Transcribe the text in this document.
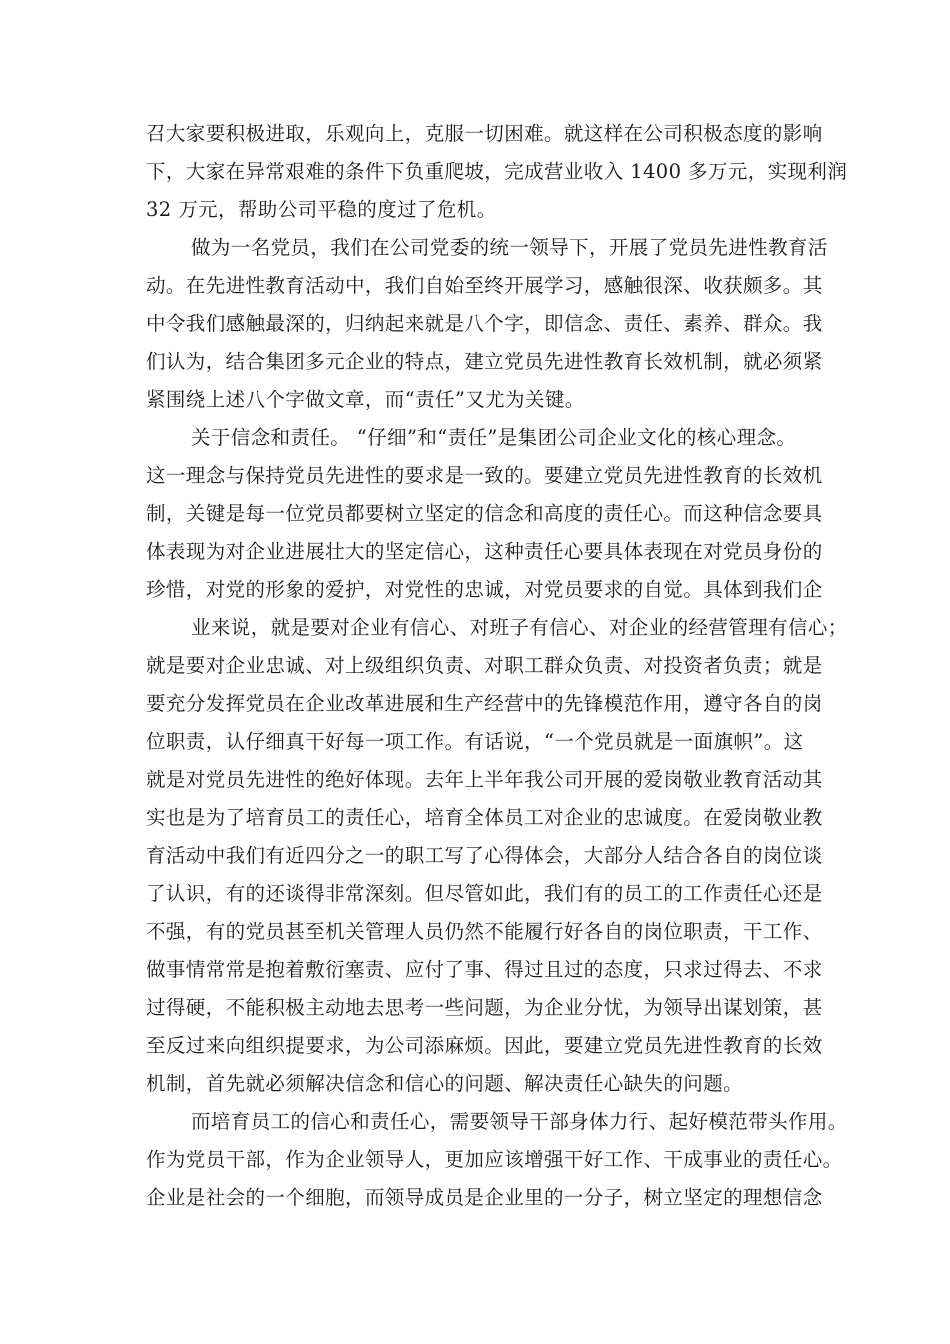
召大家要积极进取，乐观向上，克服一切困难。就这样在公司积极态度的影响
下，大家在异常艰难的条件下负重爬坡，完成营业收入 1400 多万元，实现利润
32 万元，帮助公司平稳的度过了危机。
做为一名党员，我们在公司党委的统一领导下，开展了党员先进性教育活
动。在先进性教育活动中，我们自始至终开展学习，感触很深、收获颇多。其
中令我们感触最深的，归纳起来就是八个字，即信念、责任、素养、群众。我
们认为，结合集团多元企业的特点，建立党员先进性教育长效机制，就必须紧
紧围绕上述八个字做文章，而“责任”又尤为关键。
关于信念和责任。 “仔细”和“责任”是集团公司企业文化的核心理念。
这一理念与保持党员先进性的要求是一致的。要建立党员先进性教育的长效机
制，关键是每一位党员都要树立坚定的信念和高度的责任心。而这种信念要具
体表现为对企业进展壮大的坚定信心，这种责任心要具体表现在对党员身份的
珍惜，对党的形象的爱护，对党性的忠诚，对党员要求的自觉。具体到我们企
业来说，就是要对企业有信心、对班子有信心、对企业的经营管理有信心；
就是要对企业忠诚、对上级组织负责、对职工群众负责、对投资者负责；就是
要充分发挥党员在企业改革进展和生产经营中的先锋模范作用，遵守各自的岗
位职责，认仔细真干好每一项工作。有话说，“一个党员就是一面旗帜”。这
就是对党员先进性的绝好体现。去年上半年我公司开展的爱岗敬业教育活动其
实也是为了培育员工的责任心，培育全体员工对企业的忠诚度。在爱岗敬业教
育活动中我们有近四分之一的职工写了心得体会，大部分人结合各自的岗位谈
了认识，有的还谈得非常深刻。但尽管如此，我们有的员工的工作责任心还是
不强，有的党员甚至机关管理人员仍然不能履行好各自的岗位职责，干工作、
做事情常常是抱着敷衍塞责、应付了事、得过且过的态度，只求过得去、不求
过得硬，不能积极主动地去思考一些问题，为企业分忧，为领导出谋划策，甚
至反过来向组织提要求，为公司添麻烦。因此，要建立党员先进性教育的长效
机制，首先就必须解决信念和信心的问题、解决责任心缺失的问题。
而培育员工的信心和责任心，需要领导干部身体力行、起好模范带头作用。
作为党员干部，作为企业领导人，更加应该增强干好工作、干成事业的责任心。
企业是社会的一个细胞，而领导成员是企业里的一分子，树立坚定的理想信念
